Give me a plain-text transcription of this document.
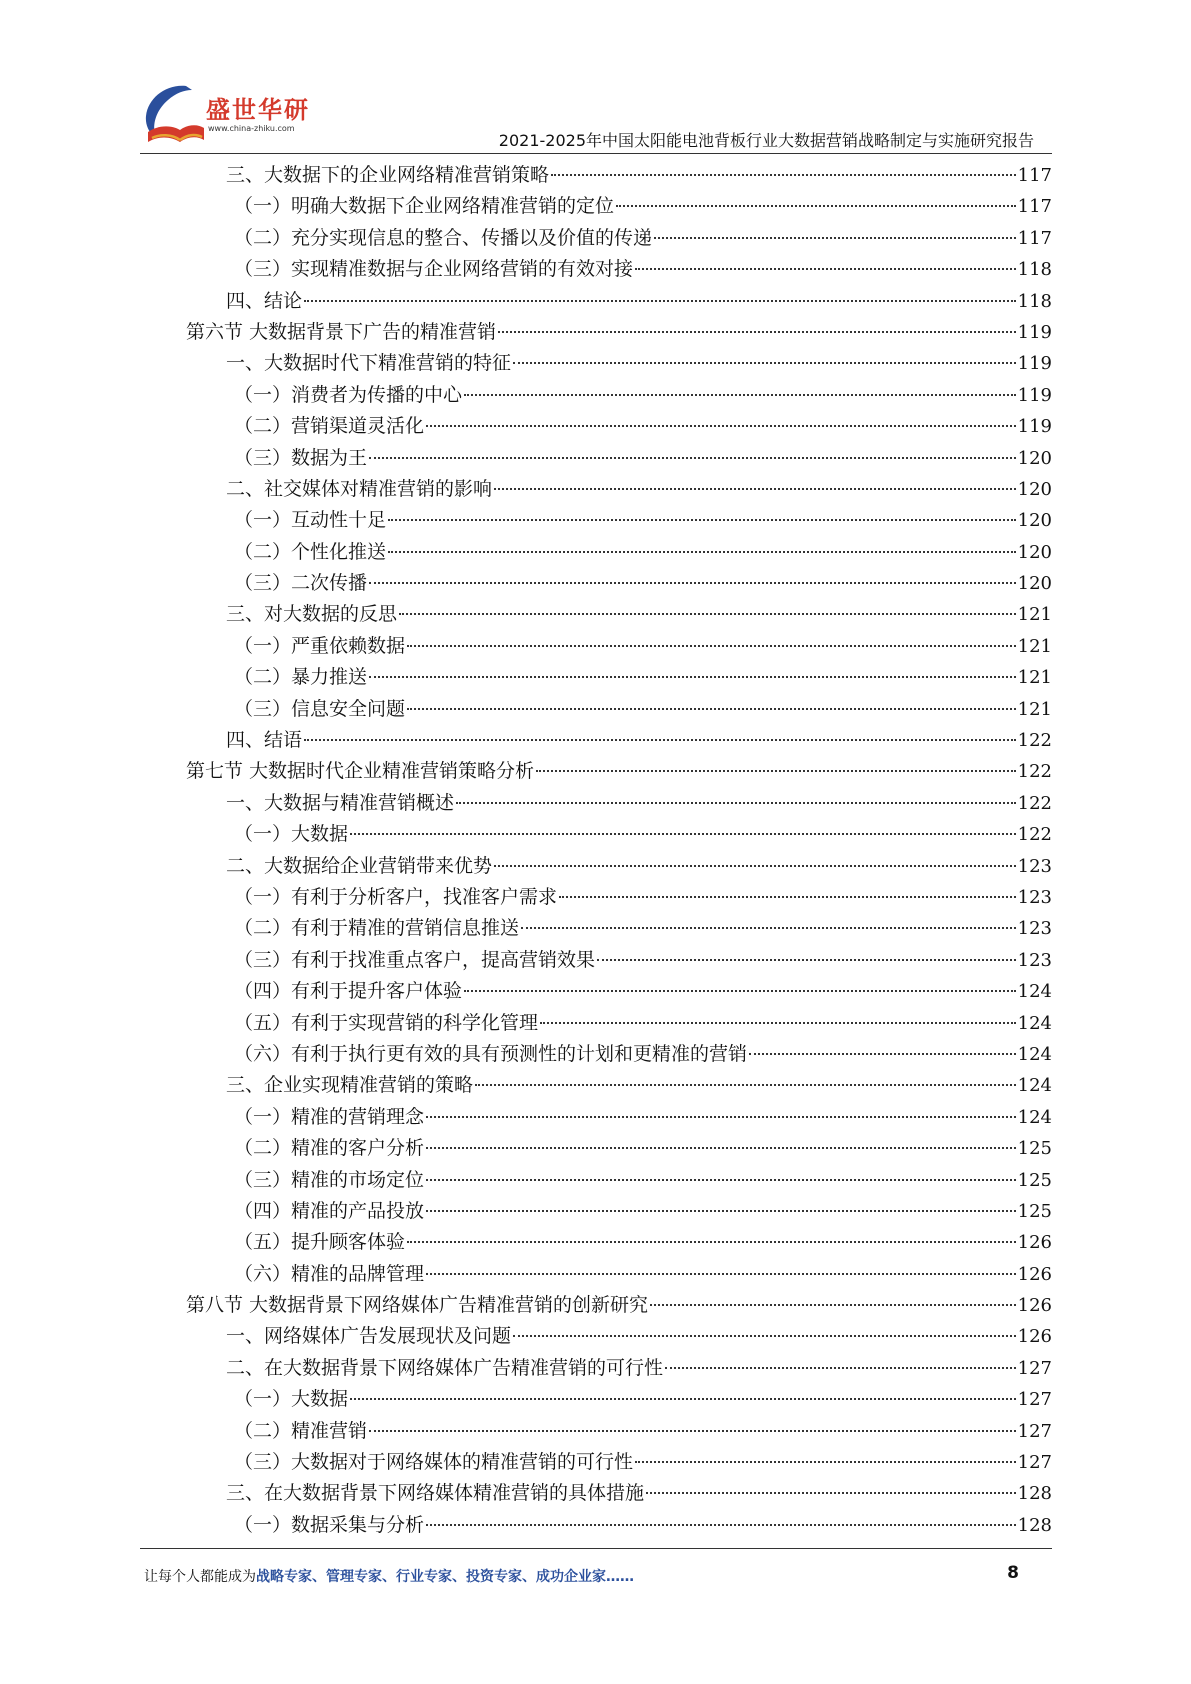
盛世华研
www.china-zhiku.com
2021-2025年中国太阳能电池背板行业大数据营销战略制定与实施研究报告
三、大数据下的企业网络精准营销策略	117
（一）明确大数据下企业网络精准营销的定位	117
（二）充分实现信息的整合、传播以及价值的传递	117
（三）实现精准数据与企业网络营销的有效对接	118
四、结论	118
第六节 大数据背景下广告的精准营销	119
一、大数据时代下精准营销的特征	119
（一）消费者为传播的中心	119
（二）营销渠道灵活化	119
（三）数据为王	120
二、社交媒体对精准营销的影响	120
（一）互动性十足	120
（二）个性化推送	120
（三）二次传播	120
三、对大数据的反思	121
（一）严重依赖数据	121
（二）暴力推送	121
（三）信息安全问题	121
四、结语	122
第七节 大数据时代企业精准营销策略分析	122
一、大数据与精准营销概述	122
（一）大数据	122
二、大数据给企业营销带来优势	123
（一）有利于分析客户，找准客户需求	123
（二）有利于精准的营销信息推送	123
（三）有利于找准重点客户，提高营销效果	123
（四）有利于提升客户体验	124
（五）有利于实现营销的科学化管理	124
（六）有利于执行更有效的具有预测性的计划和更精准的营销	124
三、企业实现精准营销的策略	124
（一）精准的营销理念	124
（二）精准的客户分析	125
（三）精准的市场定位	125
（四）精准的产品投放	125
（五）提升顾客体验	126
（六）精准的品牌管理	126
第八节 大数据背景下网络媒体广告精准营销的创新研究	126
一、网络媒体广告发展现状及问题	126
二、在大数据背景下网络媒体广告精准营销的可行性	127
（一）大数据	127
（二）精准营销	127
（三）大数据对于网络媒体的精准营销的可行性	127
三、在大数据背景下网络媒体精准营销的具体措施	128
（一）数据采集与分析	128
让每个人都能成为战略专家、管理专家、行业专家、投资专家、成功企业家……	8
